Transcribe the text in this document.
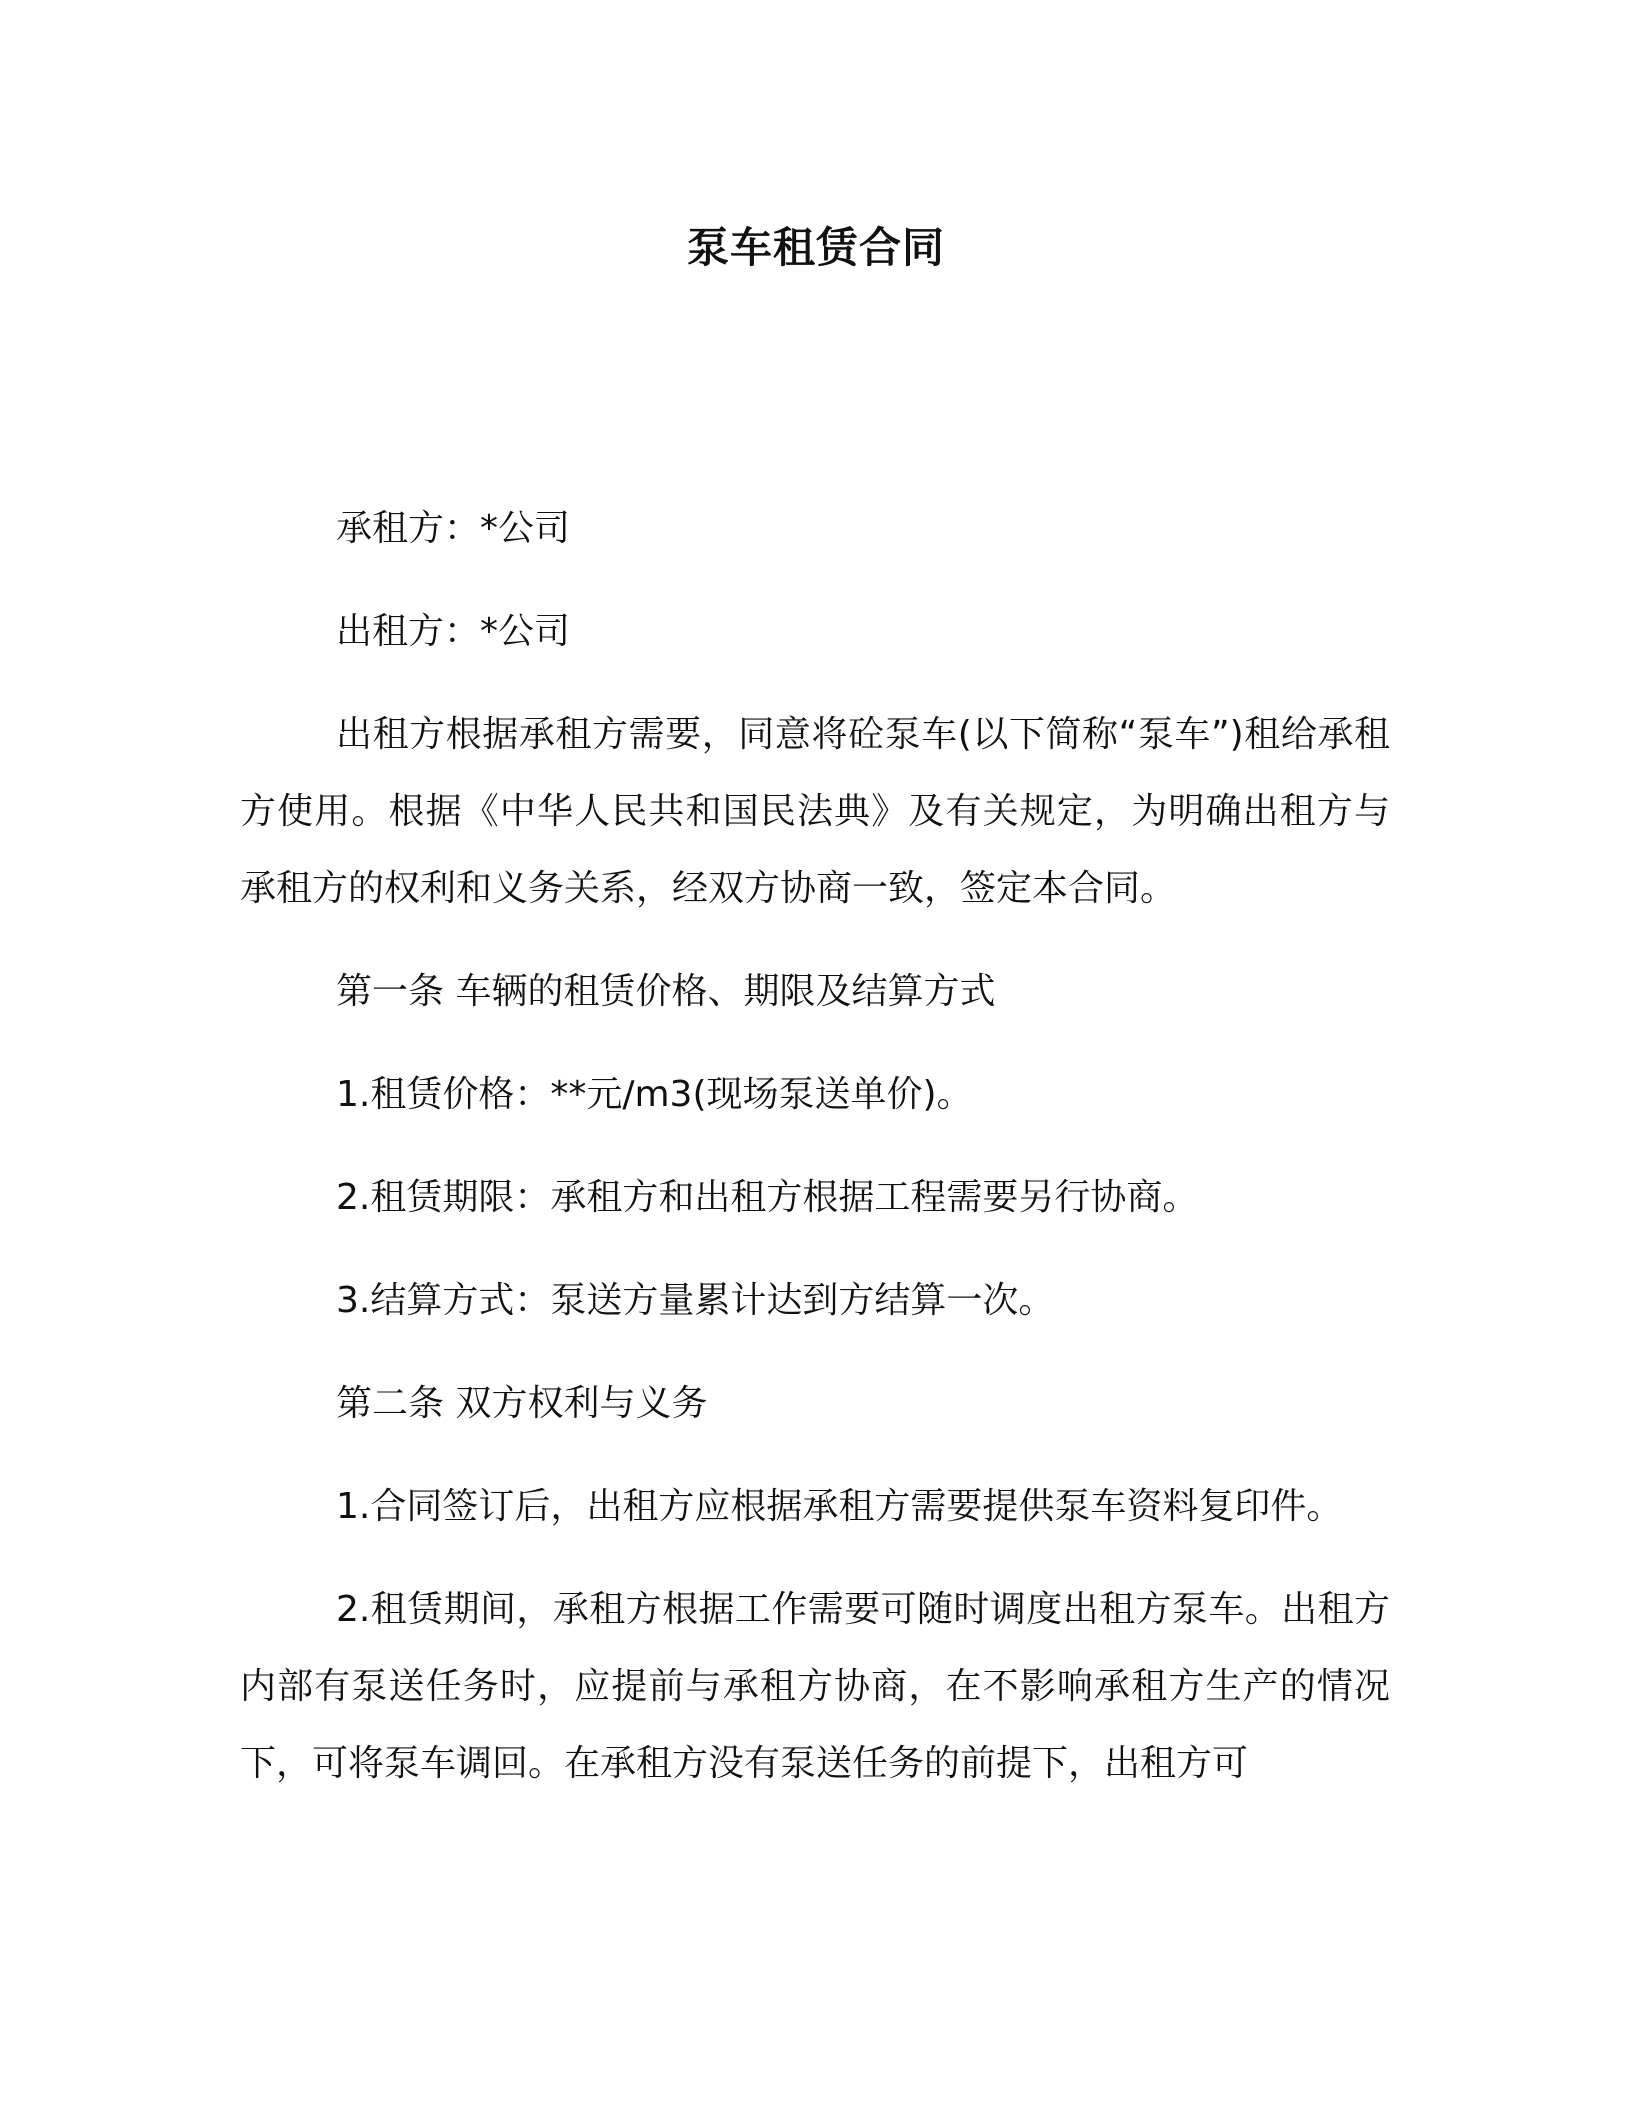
泵车租赁合同

承租方：*公司

出租方：*公司

出租方根据承租方需要，同意将砼泵车(以下简称“泵车”)租给承租方使用。根据《中华人民共和国民法典》及有关规定，为明确出租方与承租方的权利和义务关系，经双方协商一致，签定本合同。

第一条 车辆的租赁价格、期限及结算方式

1.租赁价格：**元/m3(现场泵送单价)。

2.租赁期限：承租方和出租方根据工程需要另行协商。

3.结算方式：泵送方量累计达到方结算一次。

第二条 双方权利与义务

1.合同签订后，出租方应根据承租方需要提供泵车资料复印件。

2.租赁期间，承租方根据工作需要可随时调度出租方泵车。出租方内部有泵送任务时，应提前与承租方协商，在不影响承租方生产的情况下，可将泵车调回。在承租方没有泵送任务的前提下，出租方可
